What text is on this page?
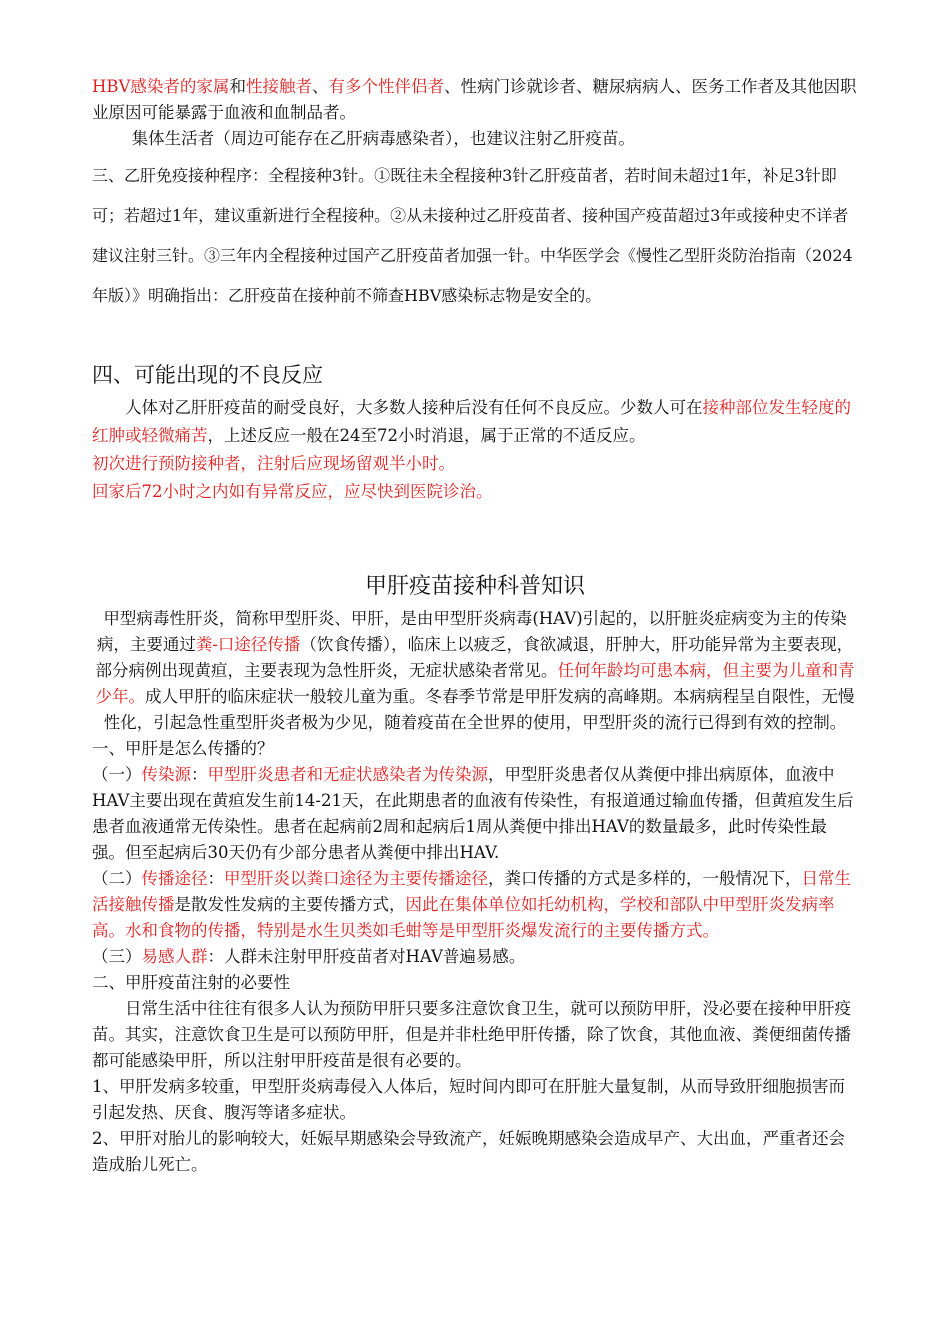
HBV感染者的家属和性接触者、有多个性伴侣者、性病门诊就诊者、糖尿病病人、医务工作者及其他因职业原因可能暴露于血液和血制品者。

集体生活者（周边可能存在乙肝病毒感染者），也建议注射乙肝疫苗。

三、乙肝免疫接种程序：全程接种3针。①既往未全程接种3针乙肝疫苗者，若时间未超过1年，补足3针即可；若超过1年，建议重新进行全程接种。②从未接种过乙肝疫苗者、接种国产疫苗超过3年或接种史不详者建议注射三针。③三年内全程接种过国产乙肝疫苗者加强一针。中华医学会《慢性乙型肝炎防治指南（2024年版）》明确指出：乙肝疫苗在接种前不筛查HBV感染标志物是安全的。

四、可能出现的不良反应

人体对乙肝肝疫苗的耐受良好，大多数人接种后没有任何不良反应。少数人可在接种部位发生轻度的红肿或轻微痛苦，上述反应一般在24至72小时消退，属于正常的不适反应。

初次进行预防接种者，注射后应现场留观半小时。

回家后72小时之内如有异常反应，应尽快到医院诊治。

甲肝疫苗接种科普知识
甲型病毒性肝炎，简称甲型肝炎、甲肝，是由甲型肝炎病毒(HAV)引起的，以肝脏炎症病变为主的传染病，主要通过粪-口途径传播（饮食传播），临床上以疲乏，食欲减退，肝肿大，肝功能异常为主要表现，部分病例出现黄疸，主要表现为急性肝炎，无症状感染者常见。任何年龄均可患本病，但主要为儿童和青少年。成人甲肝的临床症状一般较儿童为重。冬春季节常是甲肝发病的高峰期。本病病程呈自限性，无慢性化，引起急性重型肝炎者极为少见，随着疫苗在全世界的使用，甲型肝炎的流行已得到有效的控制。

一、甲肝是怎么传播的？

（一）传染源：甲型肝炎患者和无症状感染者为传染源，甲型肝炎患者仅从粪便中排出病原体，血液中HAV主要出现在黄疸发生前14-21天，在此期患者的血液有传染性，有报道通过输血传播，但黄疸发生后患者血液通常无传染性。患者在起病前2周和起病后1周从粪便中排出HAV的数量最多，此时传染性最强。但至起病后30天仍有少部分患者从粪便中排出HAV.

（二）传播途径：甲型肝炎以粪口途径为主要传播途径，粪口传播的方式是多样的，一般情况下，日常生活接触传播是散发性发病的主要传播方式，因此在集体单位如托幼机构，学校和部队中甲型肝炎发病率高。水和食物的传播，特别是水生贝类如毛蚶等是甲型肝炎爆发流行的主要传播方式。

（三）易感人群：人群未注射甲肝疫苗者对HAV普遍易感。

二、甲肝疫苗注射的必要性

日常生活中往往有很多人认为预防甲肝只要多注意饮食卫生，就可以预防甲肝，没必要在接种甲肝疫苗。其实，注意饮食卫生是可以预防甲肝，但是并非杜绝甲肝传播，除了饮食，其他血液、粪便细菌传播都可能感染甲肝，所以注射甲肝疫苗是很有必要的。

1、甲肝发病多较重，甲型肝炎病毒侵入人体后，短时间内即可在肝脏大量复制，从而导致肝细胞损害而引起发热、厌食、腹泻等诸多症状。

2、甲肝对胎儿的影响较大，妊娠早期感染会导致流产，妊娠晚期感染会造成早产、大出血，严重者还会造成胎儿死亡。
